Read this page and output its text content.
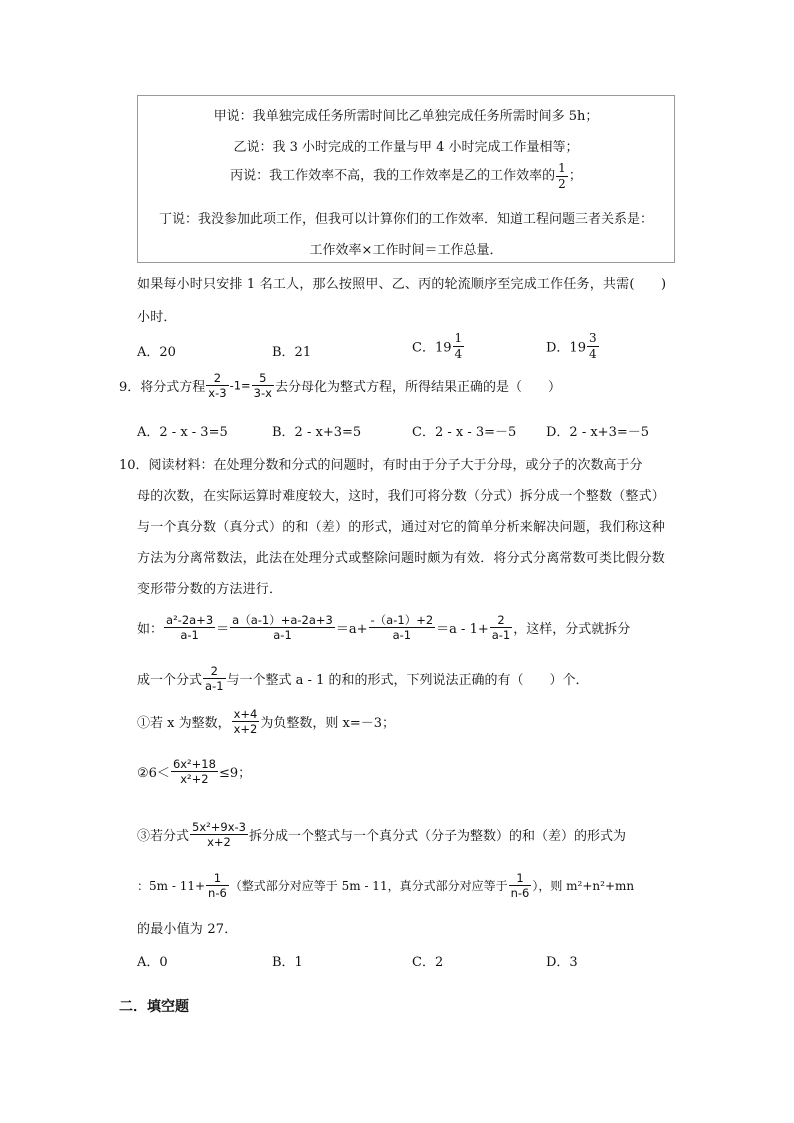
甲说：我单独完成任务所需时间比乙单独完成任务所需时间多 5h；
乙说：我 3 小时完成的工作量与甲 4 小时完成工作量相等；
丙说：我工作效率不高，我的工作效率是乙的工作效率的 $\frac{1}{2}$ ；
丁说：我没参加此项工作，但我可以计算你们的工作效率．知道工程问题三者关系是：
工作效率×工作时间＝工作总量．
如果每小时只安排 1 名工人，那么按照甲、乙、丙的轮流顺序至完成工作任务，共需(　　)
小时．
A．20	B．21	C．$19 \frac{1}{4}$	D．$19 \frac{3}{4}$
9．将分式方程 $\frac{2}{x-3} -1= \frac{5}{3-x}$ 去分母化为整式方程，所得结果正确的是（　　）
A．2 - x - 3=5	B．2 - x+3=5	C．2 - x - 3=－5 D．2 - x+3=－5
10．阅读材料：在处理分数和分式的问题时，有时由于分子大于分母，或分子的次数高于分
母的次数，在实际运算时难度较大，这时，我们可将分数（分式）拆分成一个整数（整式）
与一个真分数（真分式）的和（差）的形式，通过对它的简单分析来解决问题，我们称这种
方法为分离常数法，此法在处理分式或整除问题时颇为有效．将分式分离常数可类比假分数
变形带分数的方法进行．
如： $\frac{\text{a²-2a+3}}{a-1} = \frac{a(a-1)+a-2a+3}{a-1} =a+ \frac{-(a-1)+2}{a-1} =a - 1+ \frac{2}{a-1}$ ，这样，分式就拆分
成一个分式 $\frac{2}{a-1}$ 与一个整式 a - 1 的和的形式，下列说法正确的有（　　）个．
①若 x 为整数， $\frac{x+4}{x+2}$ 为负整数，则 x=－3；
②6＜ $\frac{\text{6x²+18}}{\text{x²+2}} \le 9$；
③若分式 $\frac{\text{5x²+9x-3}}{x+2}$ 拆分成一个整式与一个真分式（分子为整数）的和（差）的形式为
：$5m - 11+ \frac{1}{n-6}$ （整式部分对应等于 5m - 11，真分式部分对应等于 $\frac{1}{n-6}$ ），则 m²+n²+mn
的最小值为 27．
A．0	B．1	C．2	D．3
二．填空题
